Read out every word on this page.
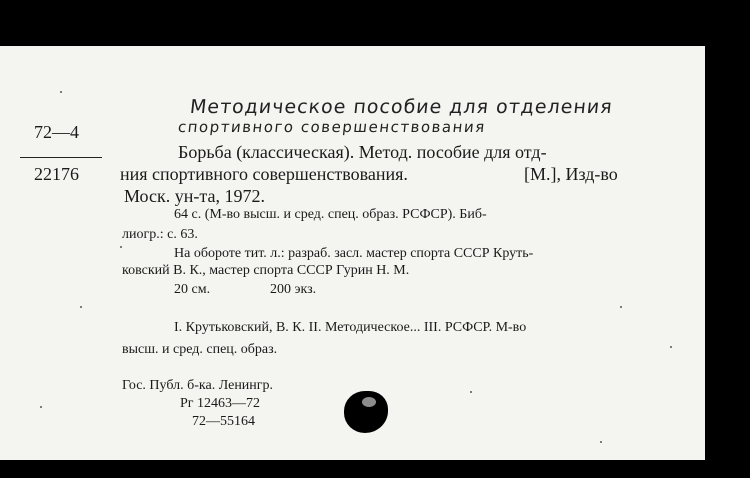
Методическое пособие для отделения
спортивного совершенствования
72—4
22176
Борьба (классическая). Метод. пособие для отд-
ния спортивного совершенствования.	[М.], Изд-во
Моск. ун-та, 1972.
64 с. (М-во высш. и сред. спец. образ. РСФСР). Биб-
лиогр.: с. 63.
На обороте тит. л.: разраб. засл. мастер спорта СССР Круть-
ковский В. К., мастер спорта СССР Гурин Н. М.
20 см.	200 экз.
I. Крутьковский, В. К. II. Методическое... III. РСФСР. М-во
высш. и сред. спец. образ.
Гос. Публ. б-ка. Ленингр.
Рг 12463—72
72—55164
